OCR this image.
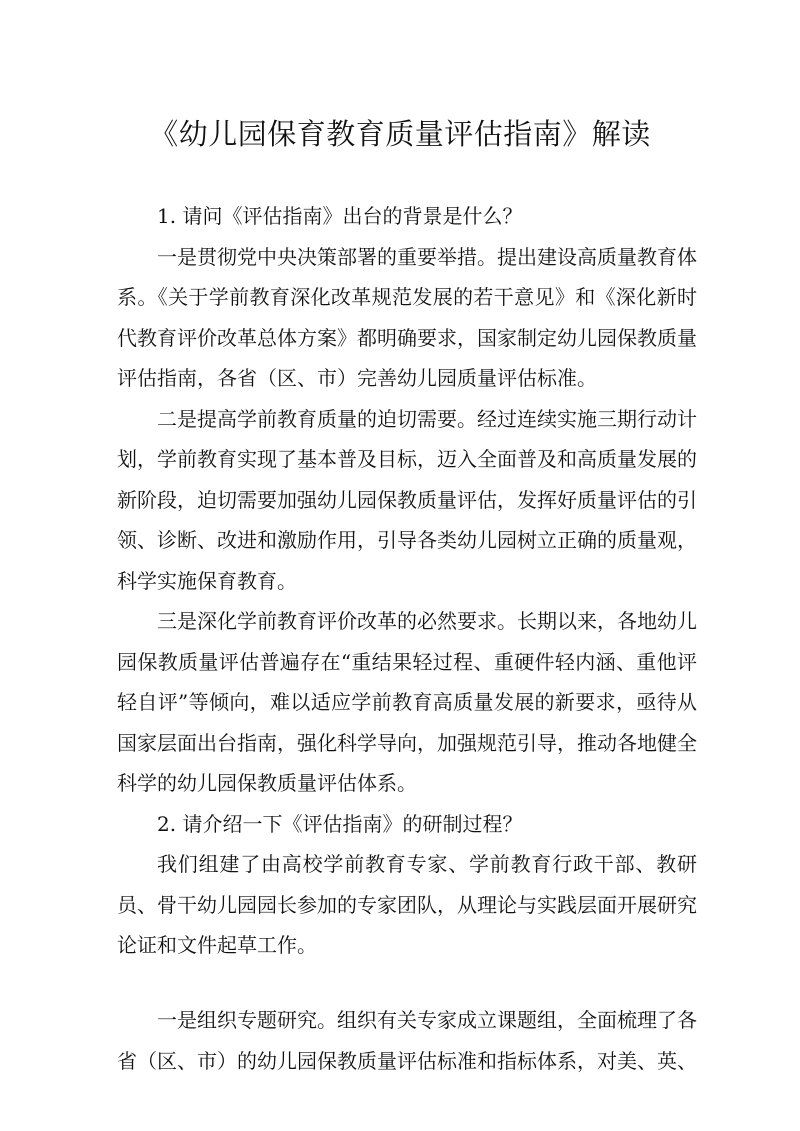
《幼儿园保育教育质量评估指南》解读

1. 请问《评估指南》出台的背景是什么？

一是贯彻党中央决策部署的重要举措。提出建设高质量教育体系。《关于学前教育深化改革规范发展的若干意见》和《深化新时代教育评价改革总体方案》都明确要求，国家制定幼儿园保教质量评估指南，各省（区、市）完善幼儿园质量评估标准。

二是提高学前教育质量的迫切需要。经过连续实施三期行动计划，学前教育实现了基本普及目标，迈入全面普及和高质量发展的新阶段，迫切需要加强幼儿园保教质量评估，发挥好质量评估的引领、诊断、改进和激励作用，引导各类幼儿园树立正确的质量观，科学实施保育教育。

三是深化学前教育评价改革的必然要求。长期以来，各地幼儿园保教质量评估普遍存在“重结果轻过程、重硬件轻内涵、重他评轻自评”等倾向，难以适应学前教育高质量发展的新要求，亟待从国家层面出台指南，强化科学导向，加强规范引导，推动各地健全科学的幼儿园保教质量评估体系。

2. 请介绍一下《评估指南》的研制过程？

我们组建了由高校学前教育专家、学前教育行政干部、教研员、骨干幼儿园园长参加的专家团队，从理论与实践层面开展研究论证和文件起草工作。

一是组织专题研究。组织有关专家成立课题组，全面梳理了各省（区、市）的幼儿园保教质量评估标准和指标体系，对美、英、
